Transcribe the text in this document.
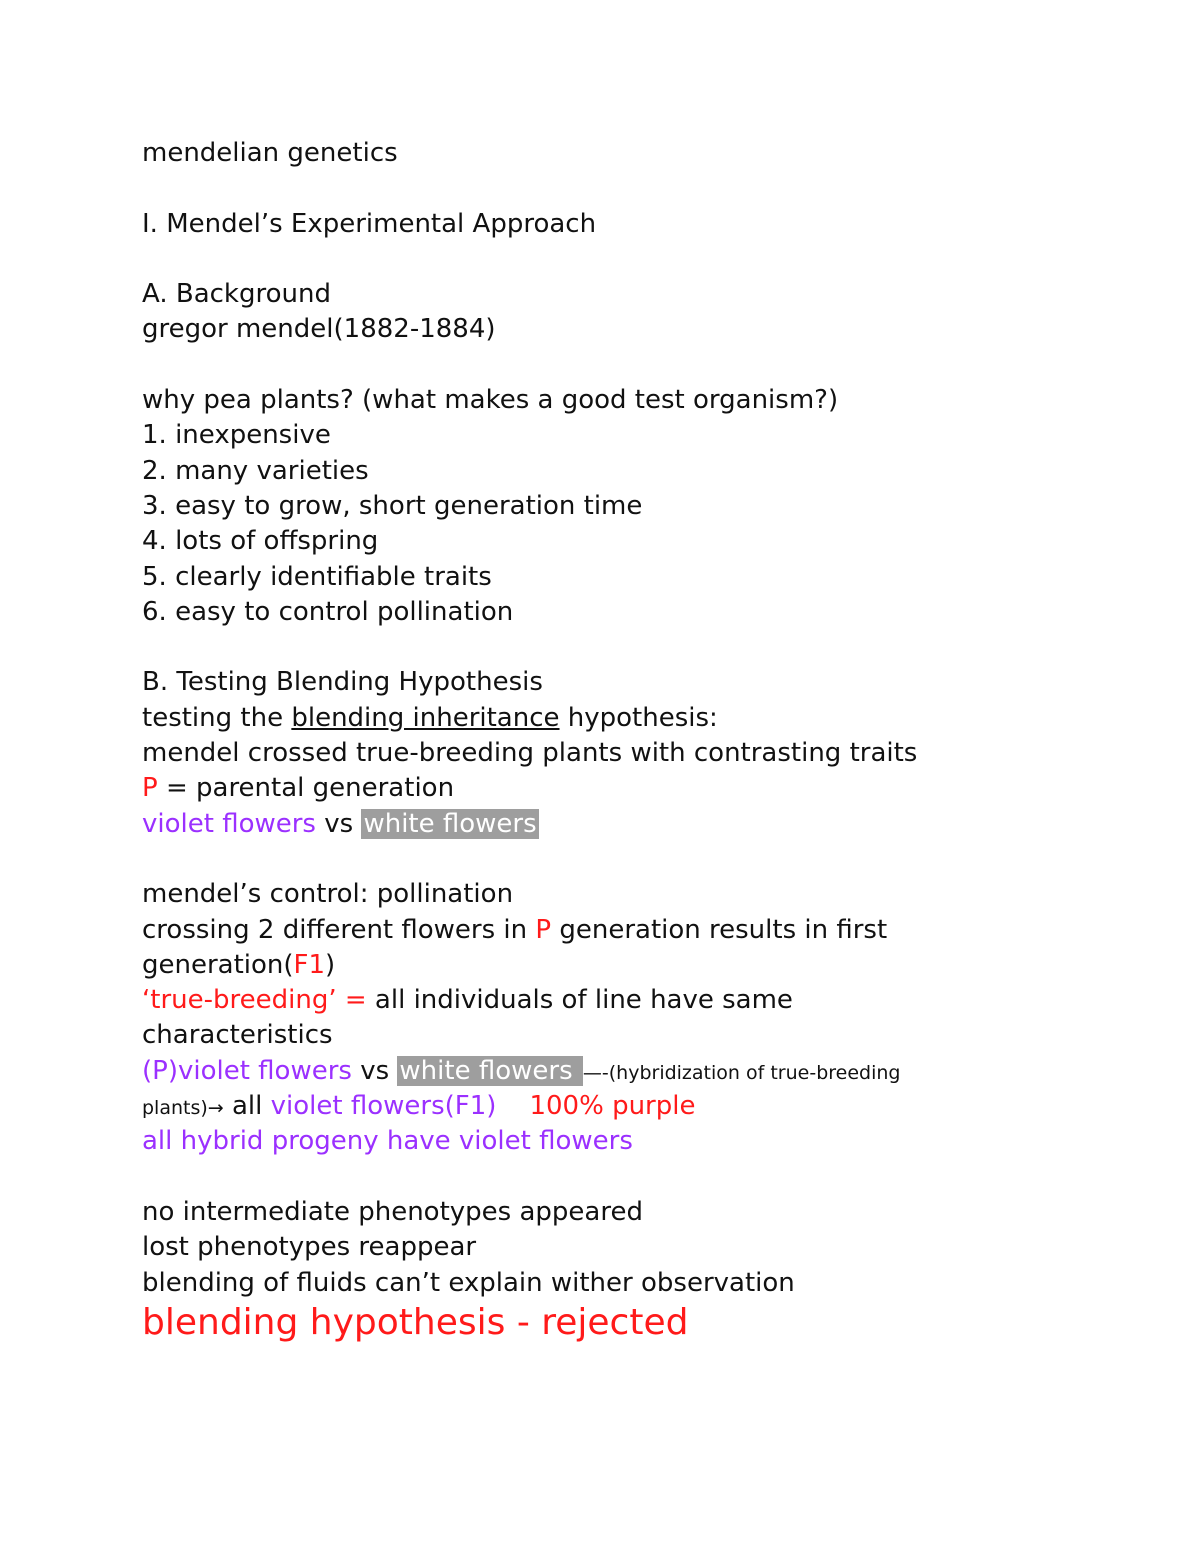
mendelian genetics
I. Mendel’s Experimental Approach
A. Background
gregor mendel(1882-1884)
why pea plants? (what makes a good test organism?)
1. inexpensive
2. many varieties
3. easy to grow, short generation time
4. lots of offspring
5. clearly identifiable traits
6. easy to control pollination
B. Testing Blending Hypothesis
testing the blending inheritance hypothesis:
mendel crossed true-breeding plants with contrasting traits
P = parental generation
violet flowers vs white flowers
mendel’s control: pollination
crossing 2 different flowers in P generation results in first
generation(F1)
‘true-breeding’ = all individuals of line have same
characteristics
(P)violet flowers vs white flowers —-(hybridization of true-breeding
plants)→ all violet flowers(F1) 100% purple
all hybrid progeny have violet flowers
no intermediate phenotypes appeared
lost phenotypes reappear
blending of fluids can’t explain wither observation
blending hypothesis - rejected
